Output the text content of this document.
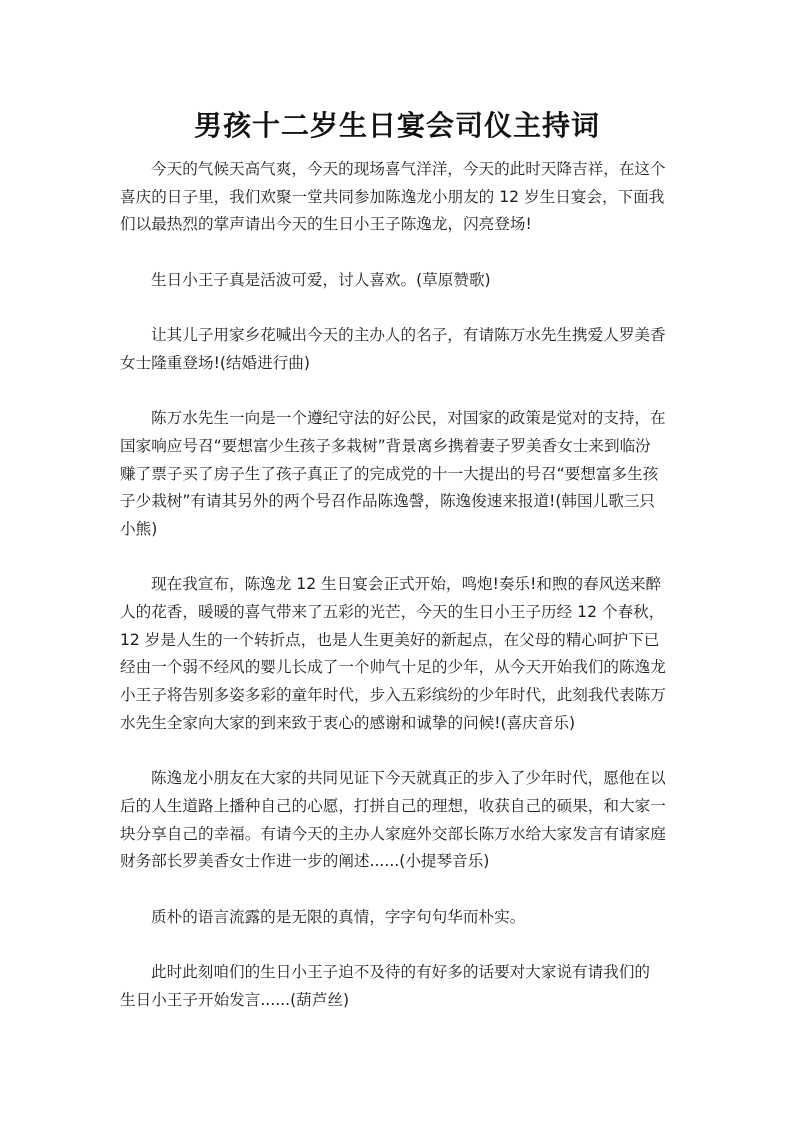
男孩十二岁生日宴会司仪主持词

今天的气候天高气爽，今天的现场喜气洋洋，今天的此时天降吉祥，在这个
喜庆的日子里，我们欢聚一堂共同参加陈逸龙小朋友的 12 岁生日宴会，下面我
们以最热烈的掌声请出今天的生日小王子陈逸龙，闪亮登场!

生日小王子真是活波可爱，讨人喜欢。(草原赞歌)

让其儿子用家乡花喊出今天的主办人的名子，有请陈万水先生携爱人罗美香
女士隆重登场!(结婚进行曲)

陈万水先生一向是一个遵纪守法的好公民，对国家的政策是觉对的支持，在
国家响应号召“要想富少生孩子多栽树”背景离乡携着妻子罗美香女士来到临汾
赚了票子买了房子生了孩子真正了的完成党的十一大提出的号召“要想富多生孩
子少栽树”有请其另外的两个号召作品陈逸謦，陈逸俊速来报道!(韩国儿歌三只
小熊)

现在我宣布，陈逸龙 12 生日宴会正式开始，鸣炮!奏乐!和煦的春风送来醉
人的花香，暖暖的喜气带来了五彩的光芒，今天的生日小王子历经 12 个春秋，
12 岁是人生的一个转折点，也是人生更美好的新起点，在父母的精心呵护下已
经由一个弱不经风的婴儿长成了一个帅气十足的少年，从今天开始我们的陈逸龙
小王子将告别多姿多彩的童年时代，步入五彩缤纷的少年时代，此刻我代表陈万
水先生全家向大家的到来致于衷心的感谢和诚挚的问候!(喜庆音乐)

陈逸龙小朋友在大家的共同见证下今天就真正的步入了少年时代，愿他在以
后的人生道路上播种自己的心愿，打拼自己的理想，收获自己的硕果，和大家一
块分享自己的幸福。有请今天的主办人家庭外交部长陈万水给大家发言有请家庭
财务部长罗美香女士作进一步的阐述......(小提琴音乐)

质朴的语言流露的是无限的真情，字字句句华而朴实。

此时此刻咱们的生日小王子迫不及待的有好多的话要对大家说有请我们的
生日小王子开始发言......(葫芦丝)
